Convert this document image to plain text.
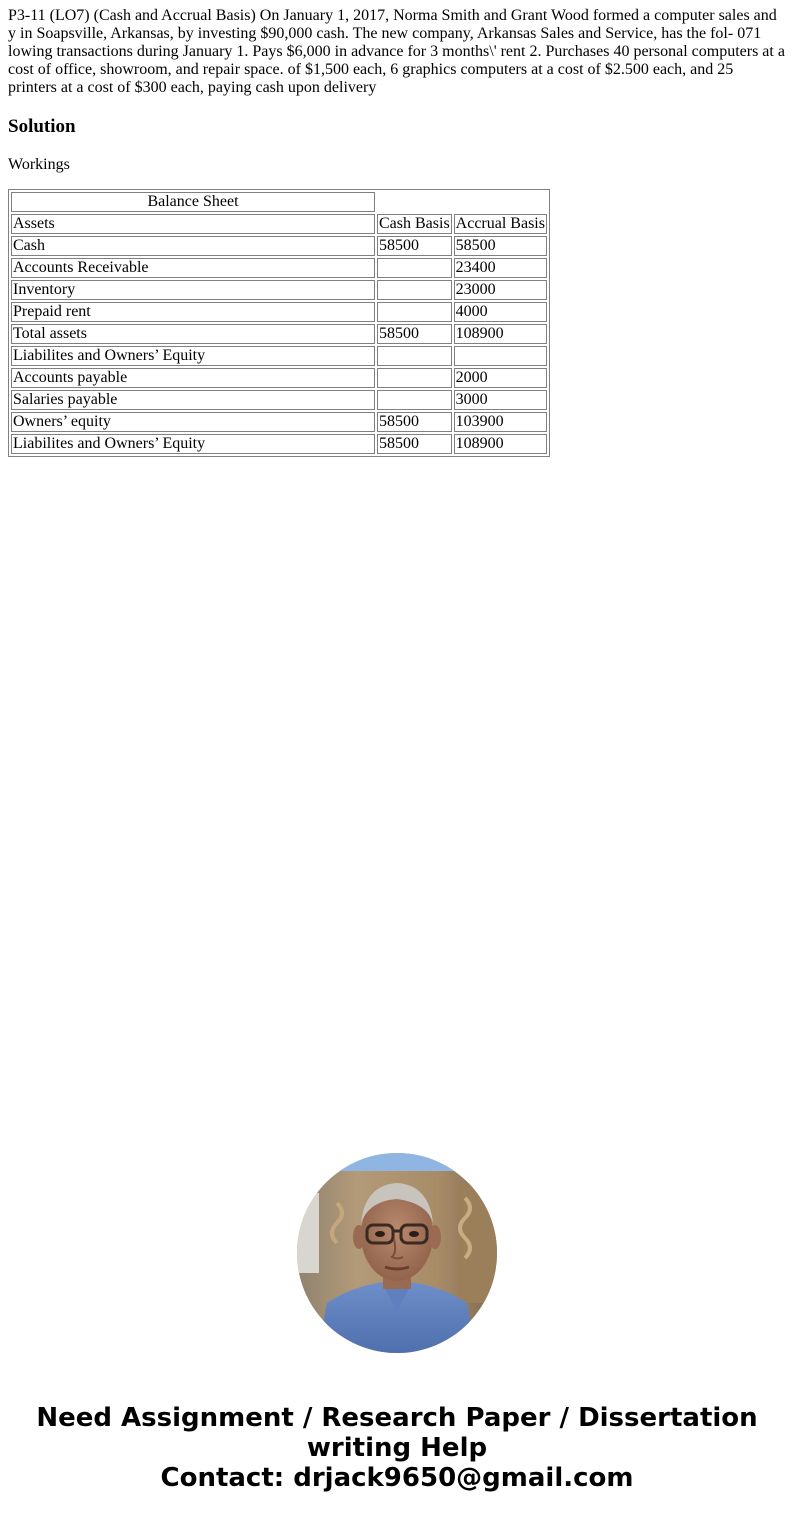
P3-11 (LO7) (Cash and Accrual Basis) On January 1, 2017, Norma Smith and Grant Wood formed a computer sales and y in Soapsville, Arkansas, by investing $90,000 cash. The new company, Arkansas Sales and Service, has the fol- 071 lowing transactions during January 1. Pays $6,000 in advance for 3 months\' rent 2. Purchases 40 personal computers at a cost of office, showroom, and repair space. of $1,500 each, 6 graphics computers at a cost of $2.500 each, and 25 printers at a cost of $300 each, paying cash upon delivery

Solution

Workings

Balance Sheet		
Assets	Cash Basis	Accrual Basis
Cash	58500	58500
Accounts Receivable		23400
Inventory		23000
Prepaid rent		4000
Total assets	58500	108900
Liabilites and Owners’ Equity		
Accounts payable		2000
Salaries payable		3000
Owners’ equity	58500	103900
Liabilites and Owners’ Equity	58500	108900
Need Assignment / Research Paper / Dissertation
writing Help
Contact: drjack9650@gmail.com
